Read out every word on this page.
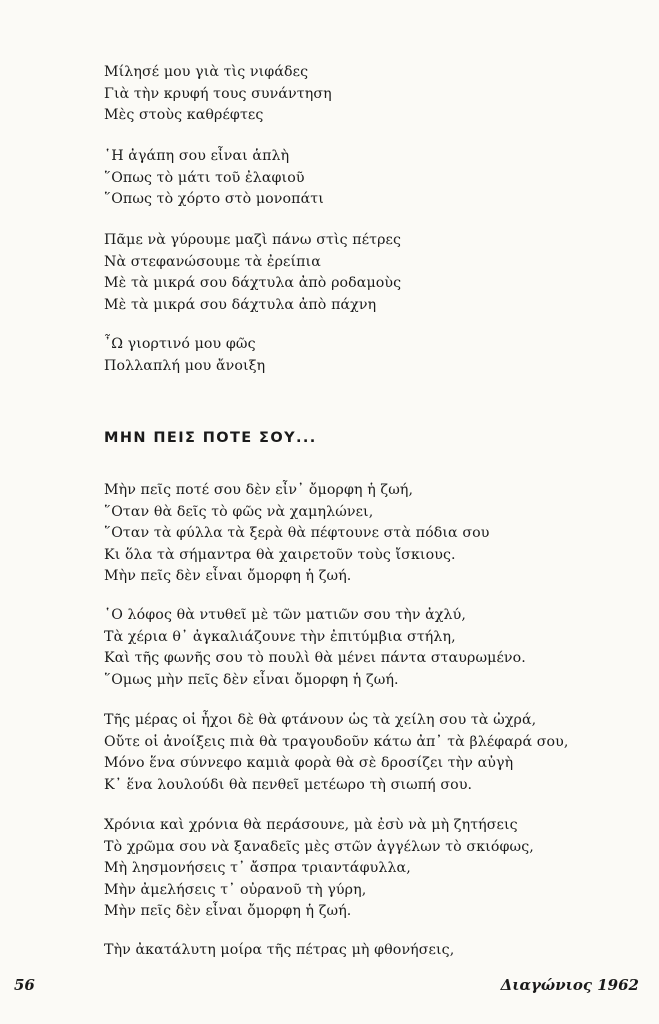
Μίλησέ μου γιὰ τὶς νιφάδες
Γιὰ τὴν κρυφή τους συνάντηση
Μὲς στοὺς καθρέφτες
῾Η ἀγάπη σου εἶναι ἁπλὴ
῞Οπως τὸ μάτι τοῦ ἐλαφιοῦ
῞Οπως τὸ χόρτο στὸ μονοπάτι
Πᾶμε νὰ γύρουμε μαζὶ πάνω στὶς πέτρες
Νὰ στεφανώσουμε τὰ ἐρείπια
Μὲ τὰ μικρά σου δάχτυλα ἀπὸ ροδαμοὺς
Μὲ τὰ μικρά σου δάχτυλα ἀπὸ πάχνη
῏Ω γιορτινό μου φῶς
Πολλαπλή μου ἄνοιξη
ΜΗΝ ΠΕΙΣ ΠΟΤΕ ΣΟΥ...
Μὴν πεῖς ποτέ σου δὲν εἶν᾽ ὄμορφη ἡ ζωή,
῞Οταν θὰ δεῖς τὸ φῶς νὰ χαμηλώνει,
῞Οταν τὰ φύλλα τὰ ξερὰ θὰ πέφτουνε στὰ πόδια σου
Κι ὅλα τὰ σήμαντρα θὰ χαιρετοῦν τοὺς ἴσκιους.
Μὴν πεῖς δὲν εἶναι ὄμορφη ἡ ζωή.
῾Ο λόφος θὰ ντυθεῖ μὲ τῶν ματιῶν σου τὴν ἀχλύ,
Τὰ χέρια θ᾽ ἀγκαλιάζουνε τὴν ἐπιτύμβια στήλη,
Καὶ τῆς φωνῆς σου τὸ πουλὶ θὰ μένει πάντα σταυρωμένο.
῞Ομως μὴν πεῖς δὲν εἶναι ὄμορφη ἡ ζωή.
Τῆς μέρας οἱ ἦχοι δὲ θὰ φτάνουν ὡς τὰ χείλη σου τὰ ὠχρά,
Οὔτε οἱ ἀνοίξεις πιὰ θὰ τραγουδοῦν κάτω ἀπ᾽ τὰ βλέφαρά σου,
Μόνο ἕνα σύννεφο καμιὰ φορὰ θὰ σὲ δροσίζει τὴν αὐγὴ
Κ᾽ ἕνα λουλούδι θὰ πενθεῖ μετέωρο τὴ σιωπή σου.
Χρόνια καὶ χρόνια θὰ περάσουνε, μὰ ἐσὺ νὰ μὴ ζητήσεις
Τὸ χρῶμα σου νὰ ξαναδεῖς μὲς στῶν ἀγγέλων τὸ σκιόφως,
Μὴ λησμονήσεις τ᾽ ἄσπρα τριαντάφυλλα,
Μὴν ἀμελήσεις τ᾽ οὐρανοῦ τὴ γύρη,
Μὴν πεῖς δὲν εἶναι ὄμορφη ἡ ζωή.
Τὴν ἀκατάλυτη μοίρα τῆς πέτρας μὴ φθονήσεις,
56	Διαγώνιος 1962
